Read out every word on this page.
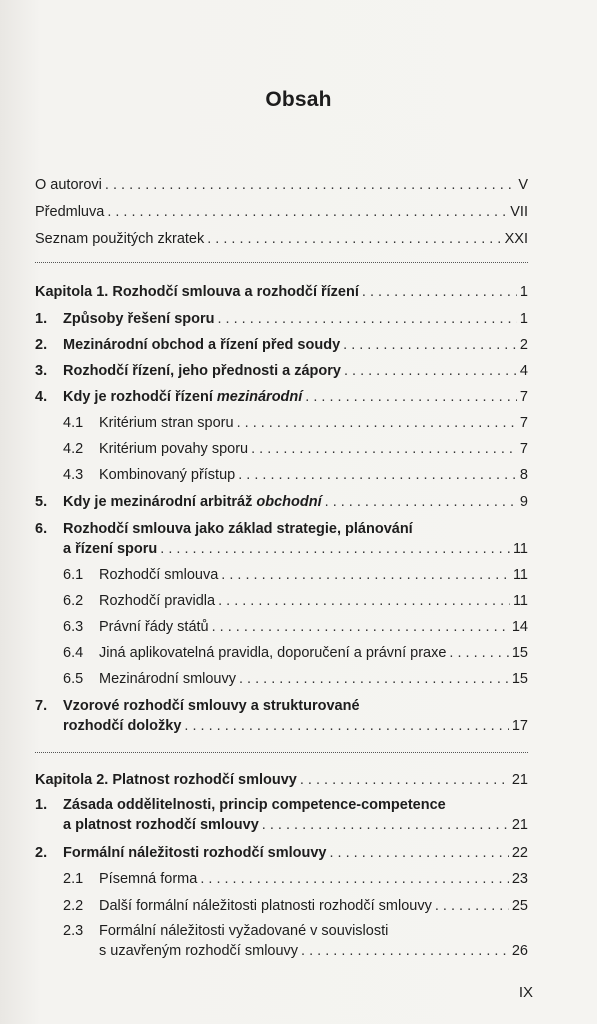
Obsah
O autorovi . . .	V
Předmluva . . .	VII
Seznam použitých zkratek . . .	XXI
Kapitola 1. Rozhodčí smlouva a rozhodčí řízení . . .	1
1.	Způsoby řešení sporu . . .	1
2.	Mezinárodní obchod a řízení před soudy . . .	2
3.	Rozhodčí řízení, jeho přednosti a zápory . . .	4
4.	Kdy je rozhodčí řízení mezinárodní . . .	7
4.1	Kritérium stran sporu . . .	7
4.2	Kritérium povahy sporu . . .	7
4.3	Kombinovaný přístup . . .	8
5.	Kdy je mezinárodní arbitráž obchodní . . .	9
6. Rozhodčí smlouva jako základ strategie, plánování
a řízení sporu . . .	11
6.1	Rozhodčí smlouva . . .	11
6.2	Rozhodčí pravidla . . .	11
6.3	Právní řády států . . .	14
6.4	Jiná aplikovatelná pravidla, doporučení a právní praxe . . .	15
6.5	Mezinárodní smlouvy . . .	15
7. Vzorové rozhodčí smlouvy a strukturované
rozhodčí doložky . . .	17
Kapitola 2. Platnost rozhodčí smlouvy . . .	21
1. Zásada oddělitelnosti, princip competence-competence
a platnost rozhodčí smlouvy . . .	21
2.	Formální náležitosti rozhodčí smlouvy . . .	22
2.1	Písemná forma . . .	23
2.2	Další formální náležitosti platnosti rozhodčí smlouvy . . .	25
2.3 Formální náležitosti vyžadované v souvislosti
s uzavřeným rozhodčí smlouvy . . .	26
IX
